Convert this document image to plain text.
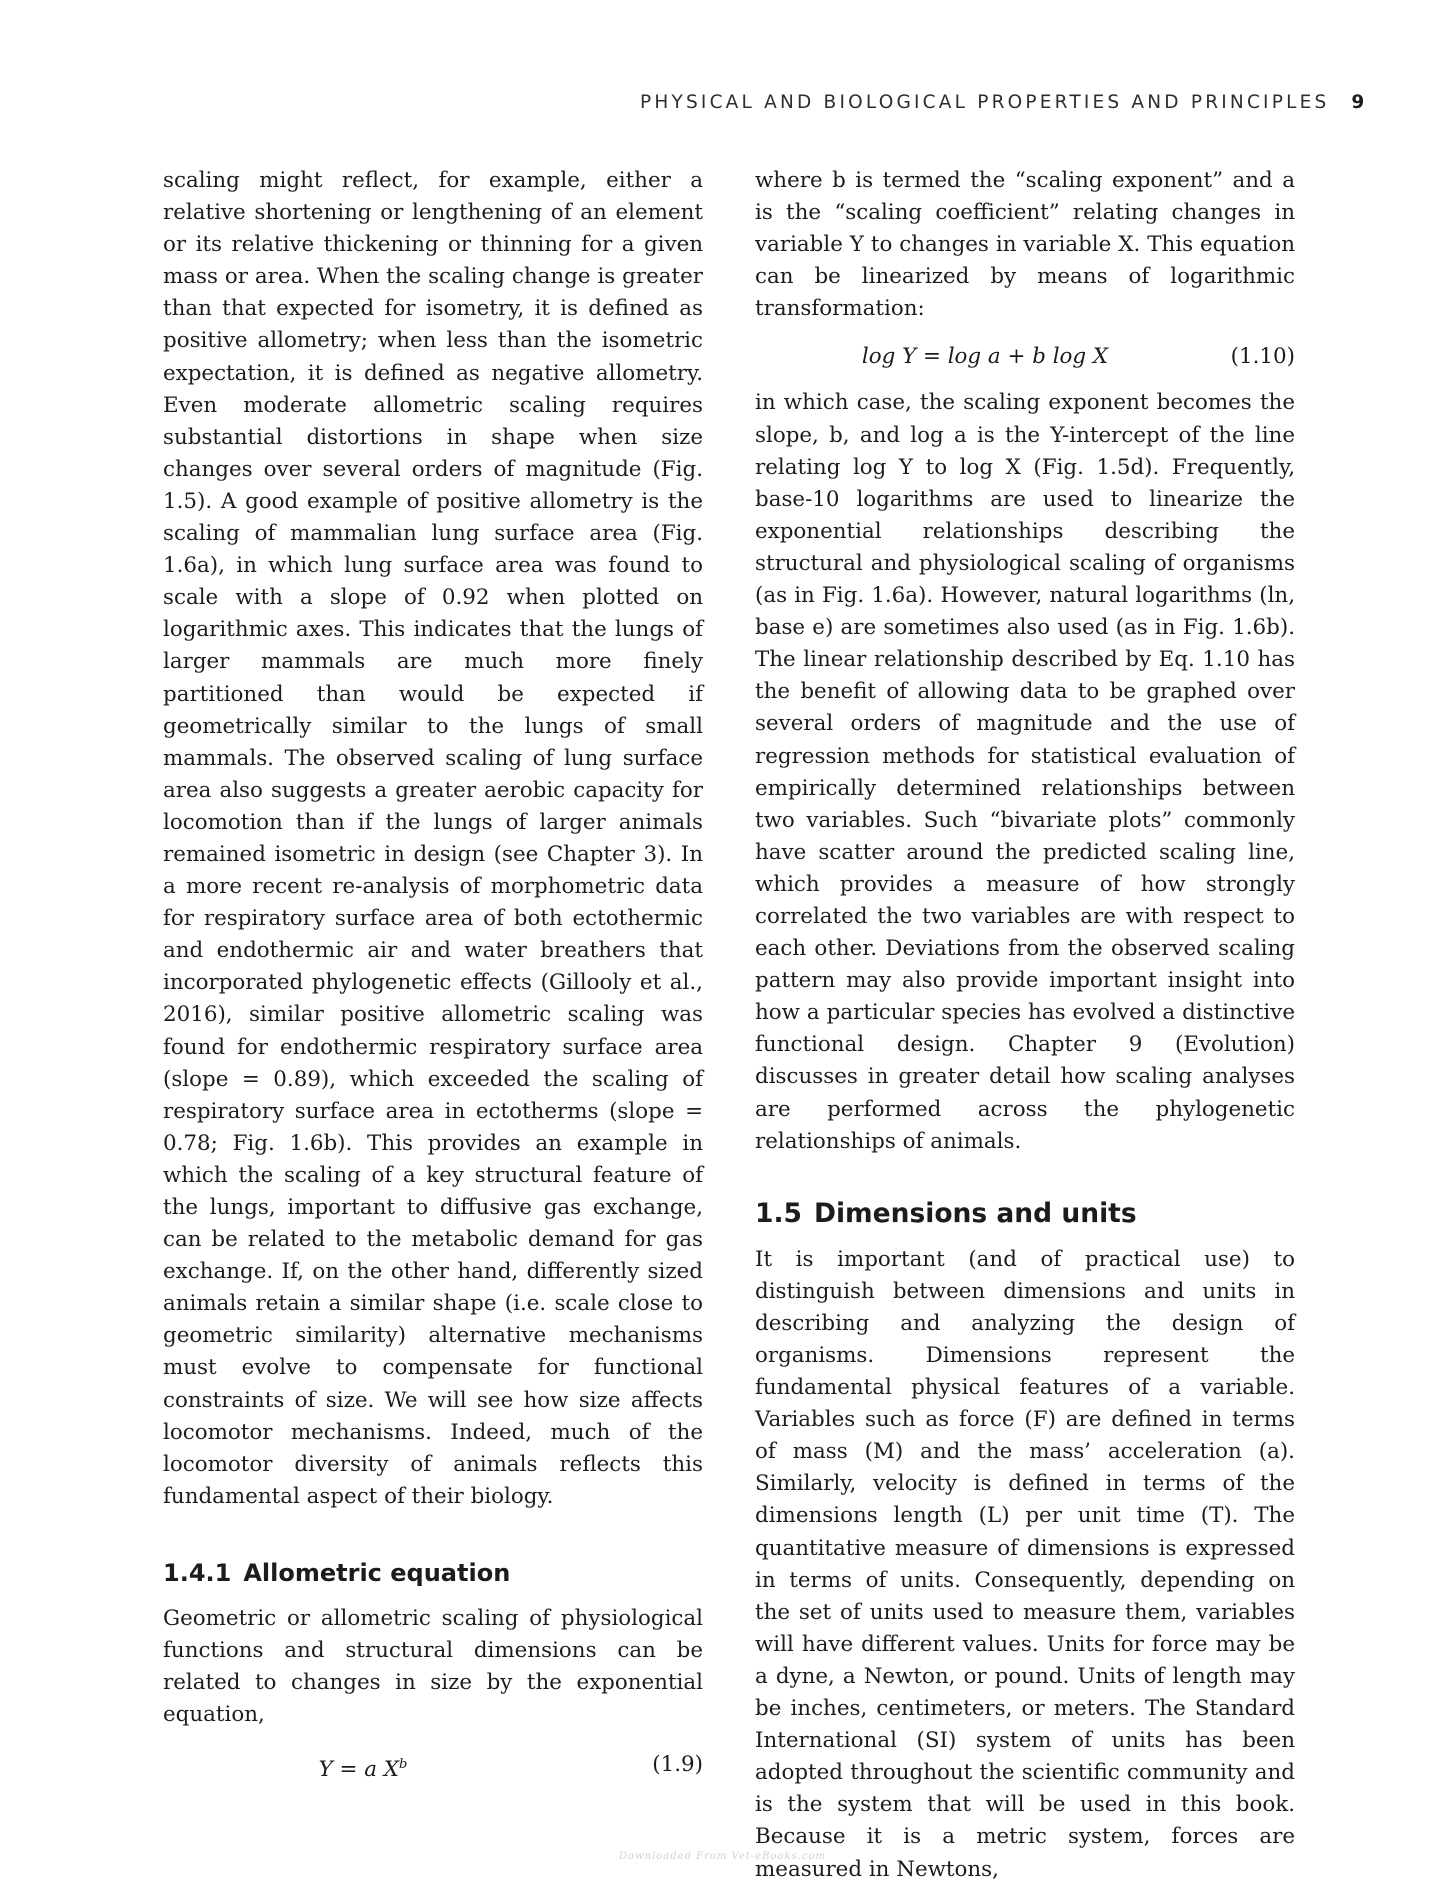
PHYSICAL AND BIOLOGICAL PROPERTIES AND PRINCIPLES 9

scaling might reflect, for example, either a relative shortening or lengthening of an element or its relative thickening or thinning for a given mass or area. When the scaling change is greater than that expected for isometry, it is defined as positive allometry; when less than the isometric expectation, it is defined as negative allometry. Even moderate allometric scaling requires substantial distortions in shape when size changes over several orders of magnitude (Fig. 1.5). A good example of positive allometry is the scaling of mammalian lung surface area (Fig. 1.6a), in which lung surface area was found to scale with a slope of 0.92 when plotted on logarithmic axes. This indicates that the lungs of larger mammals are much more finely partitioned than would be expected if geometrically similar to the lungs of small mammals. The observed scaling of lung surface area also suggests a greater aerobic capacity for locomotion than if the lungs of larger animals remained isometric in design (see Chapter 3). In a more recent re-analysis of morphometric data for respiratory surface area of both ectothermic and endothermic air and water breathers that incorporated phylogenetic effects (Gillooly et al., 2016), similar positive allometric scaling was found for endothermic respiratory surface area (slope = 0.89), which exceeded the scaling of respiratory surface area in ectotherms (slope = 0.78; Fig. 1.6b). This provides an example in which the scaling of a key structural feature of the lungs, important to diffusive gas exchange, can be related to the metabolic demand for gas exchange. If, on the other hand, differently sized animals retain a similar shape (i.e. scale close to geometric similarity) alternative mechanisms must evolve to compensate for functional constraints of size. We will see how size affects locomotor mechanisms. Indeed, much of the locomotor diversity of animals reflects this fundamental aspect of their biology.

1.4.1 Allometric equation

Geometric or allometric scaling of physiological functions and structural dimensions can be related to changes in size by the exponential equation,

Y = a $X^b$	(1.9)

where b is termed the “scaling exponent” and a is the “scaling coefficient” relating changes in variable Y to changes in variable X. This equation can be linearized by means of logarithmic transformation:

log Y = log a + b log X	(1.10)

in which case, the scaling exponent becomes the slope, b, and log a is the Y-intercept of the line relating log Y to log X (Fig. 1.5d). Frequently, base-10 logarithms are used to linearize the exponential relationships describing the structural and physiological scaling of organisms (as in Fig. 1.6a). However, natural logarithms (ln, base e) are sometimes also used (as in Fig. 1.6b). The linear relationship described by Eq. 1.10 has the benefit of allowing data to be graphed over several orders of magnitude and the use of regression methods for statistical evaluation of empirically determined relationships between two variables. Such “bivariate plots” commonly have scatter around the predicted scaling line, which provides a measure of how strongly correlated the two variables are with respect to each other. Deviations from the observed scaling pattern may also provide important insight into how a particular species has evolved a distinctive functional design. Chapter 9 (Evolution) discusses in greater detail how scaling analyses are performed across the phylogenetic relationships of animals.

1.5 Dimensions and units

It is important (and of practical use) to distinguish between dimensions and units in describing and analyzing the design of organisms. Dimensions represent the fundamental physical features of a variable. Variables such as force (F) are defined in terms of mass (M) and the mass’ acceleration (a). Similarly, velocity is defined in terms of the dimensions length (L) per unit time (T). The quantitative measure of dimensions is expressed in terms of units. Consequently, depending on the set of units used to measure them, variables will have different values. Units for force may be a dyne, a Newton, or pound. Units of length may be inches, centimeters, or meters. The Standard International (SI) system of units has been adopted throughout the scientific community and is the system that will be used in this book. Because it is a metric system, forces are measured in Newtons,

Downloaded From Vet-eBooks.com
